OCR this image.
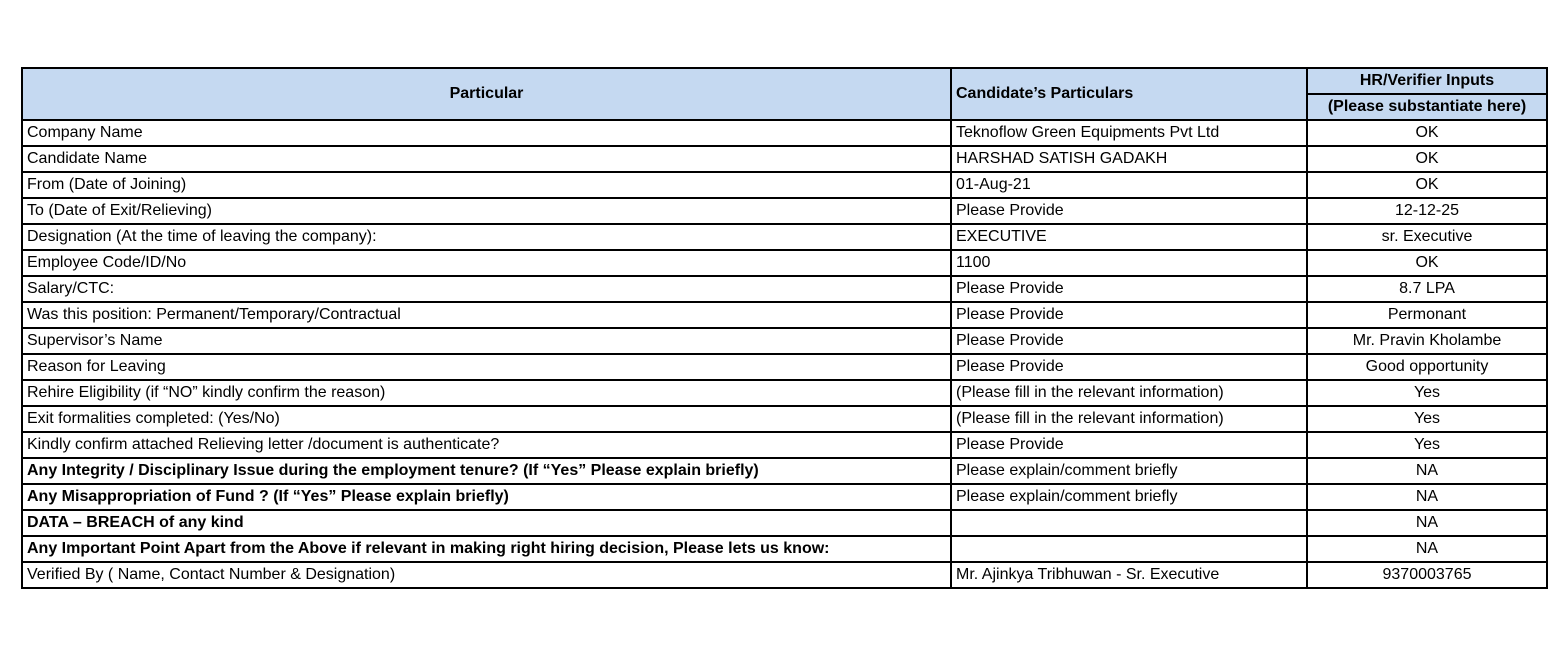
Particular	Candidate’s Particulars	HR/Verifier Inputs
		(Please substantiate here)
Company Name	Teknoflow Green Equipments Pvt Ltd	OK
Candidate Name	HARSHAD SATISH GADAKH	OK
From (Date of Joining)	01-Aug-21	OK
To (Date of Exit/Relieving)	Please Provide	12-12-25
Designation (At the time of leaving the company):	EXECUTIVE	sr. Executive
Employee Code/ID/No	1100	OK
Salary/CTC:	Please Provide	8.7 LPA
Was this position: Permanent/Temporary/Contractual	Please Provide	Permonant
Supervisor’s Name	Please Provide	Mr. Pravin Kholambe
Reason for Leaving	Please Provide	Good opportunity
Rehire Eligibility (if “NO” kindly confirm the reason)	(Please fill in the relevant information)	Yes
Exit formalities completed: (Yes/No)	(Please fill in the relevant information)	Yes
Kindly confirm attached Relieving letter /document is authenticate?	Please Provide	Yes
Any Integrity / Disciplinary Issue during the employment tenure? (If “Yes” Please explain briefly)	Please explain/comment briefly	NA
Any Misappropriation of Fund ? (If “Yes” Please explain briefly)	Please explain/comment briefly	NA
DATA – BREACH of any kind		NA
Any Important Point Apart from the Above if relevant in making right hiring decision, Please lets us know:		NA
Verified By ( Name, Contact Number & Designation)	Mr. Ajinkya Tribhuwan - Sr. Executive	9370003765
